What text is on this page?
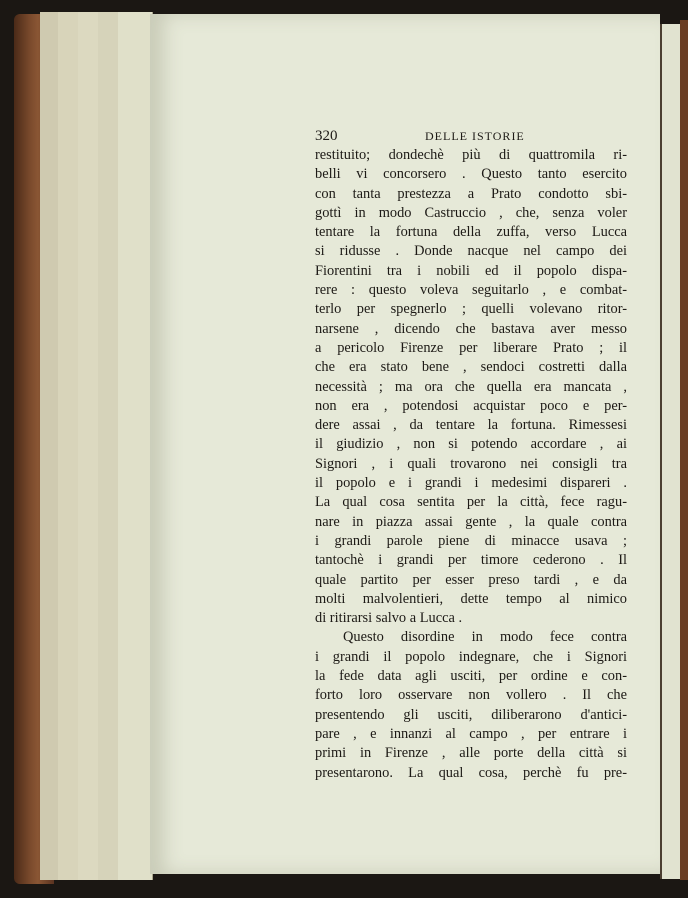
320	DELLE ISTORIE
restituito; dondechè più di quattromila ri-
belli vi concorsero . Questo tanto esercito
con tanta prestezza a Prato condotto sbi-
gottì in modo Castruccio , che, senza voler
tentare la fortuna della zuffa, verso Lucca
si ridusse . Donde nacque nel campo dei
Fiorentini tra i nobili ed il popolo dispa-
rere : questo voleva seguitarlo , e combat-
terlo per spegnerlo ; quelli volevano ritor-
narsene , dicendo che bastava aver messo
a pericolo Firenze per liberare Prato ; il
che era stato bene , sendoci costretti dalla
necessità ; ma ora che quella era mancata ,
non era , potendosi acquistar poco e per-
dere assai , da tentare la fortuna. Rimessesi
il giudizio , non si potendo accordare , ai
Signori , i quali trovarono nei consigli tra
il popolo e i grandi i medesimi dispareri .
La qual cosa sentita per la città, fece ragu-
nare in piazza assai gente , la quale contra
i grandi parole piene di minacce usava ;
tantochè i grandi per timore cederono . Il
quale partito per esser preso tardi , e da
molti malvolentieri, dette tempo al nimico
di ritirarsi salvo a Lucca .
Questo disordine in modo fece contra
i grandi il popolo indegnare, che i Signori
la fede data agli usciti, per ordine e con-
forto loro osservare non vollero . Il che
presentendo gli usciti, diliberarono d'antici-
pare , e innanzi al campo , per entrare i
primi in Firenze , alle porte della città si
presentarono. La qual cosa, perchè fu pre-
